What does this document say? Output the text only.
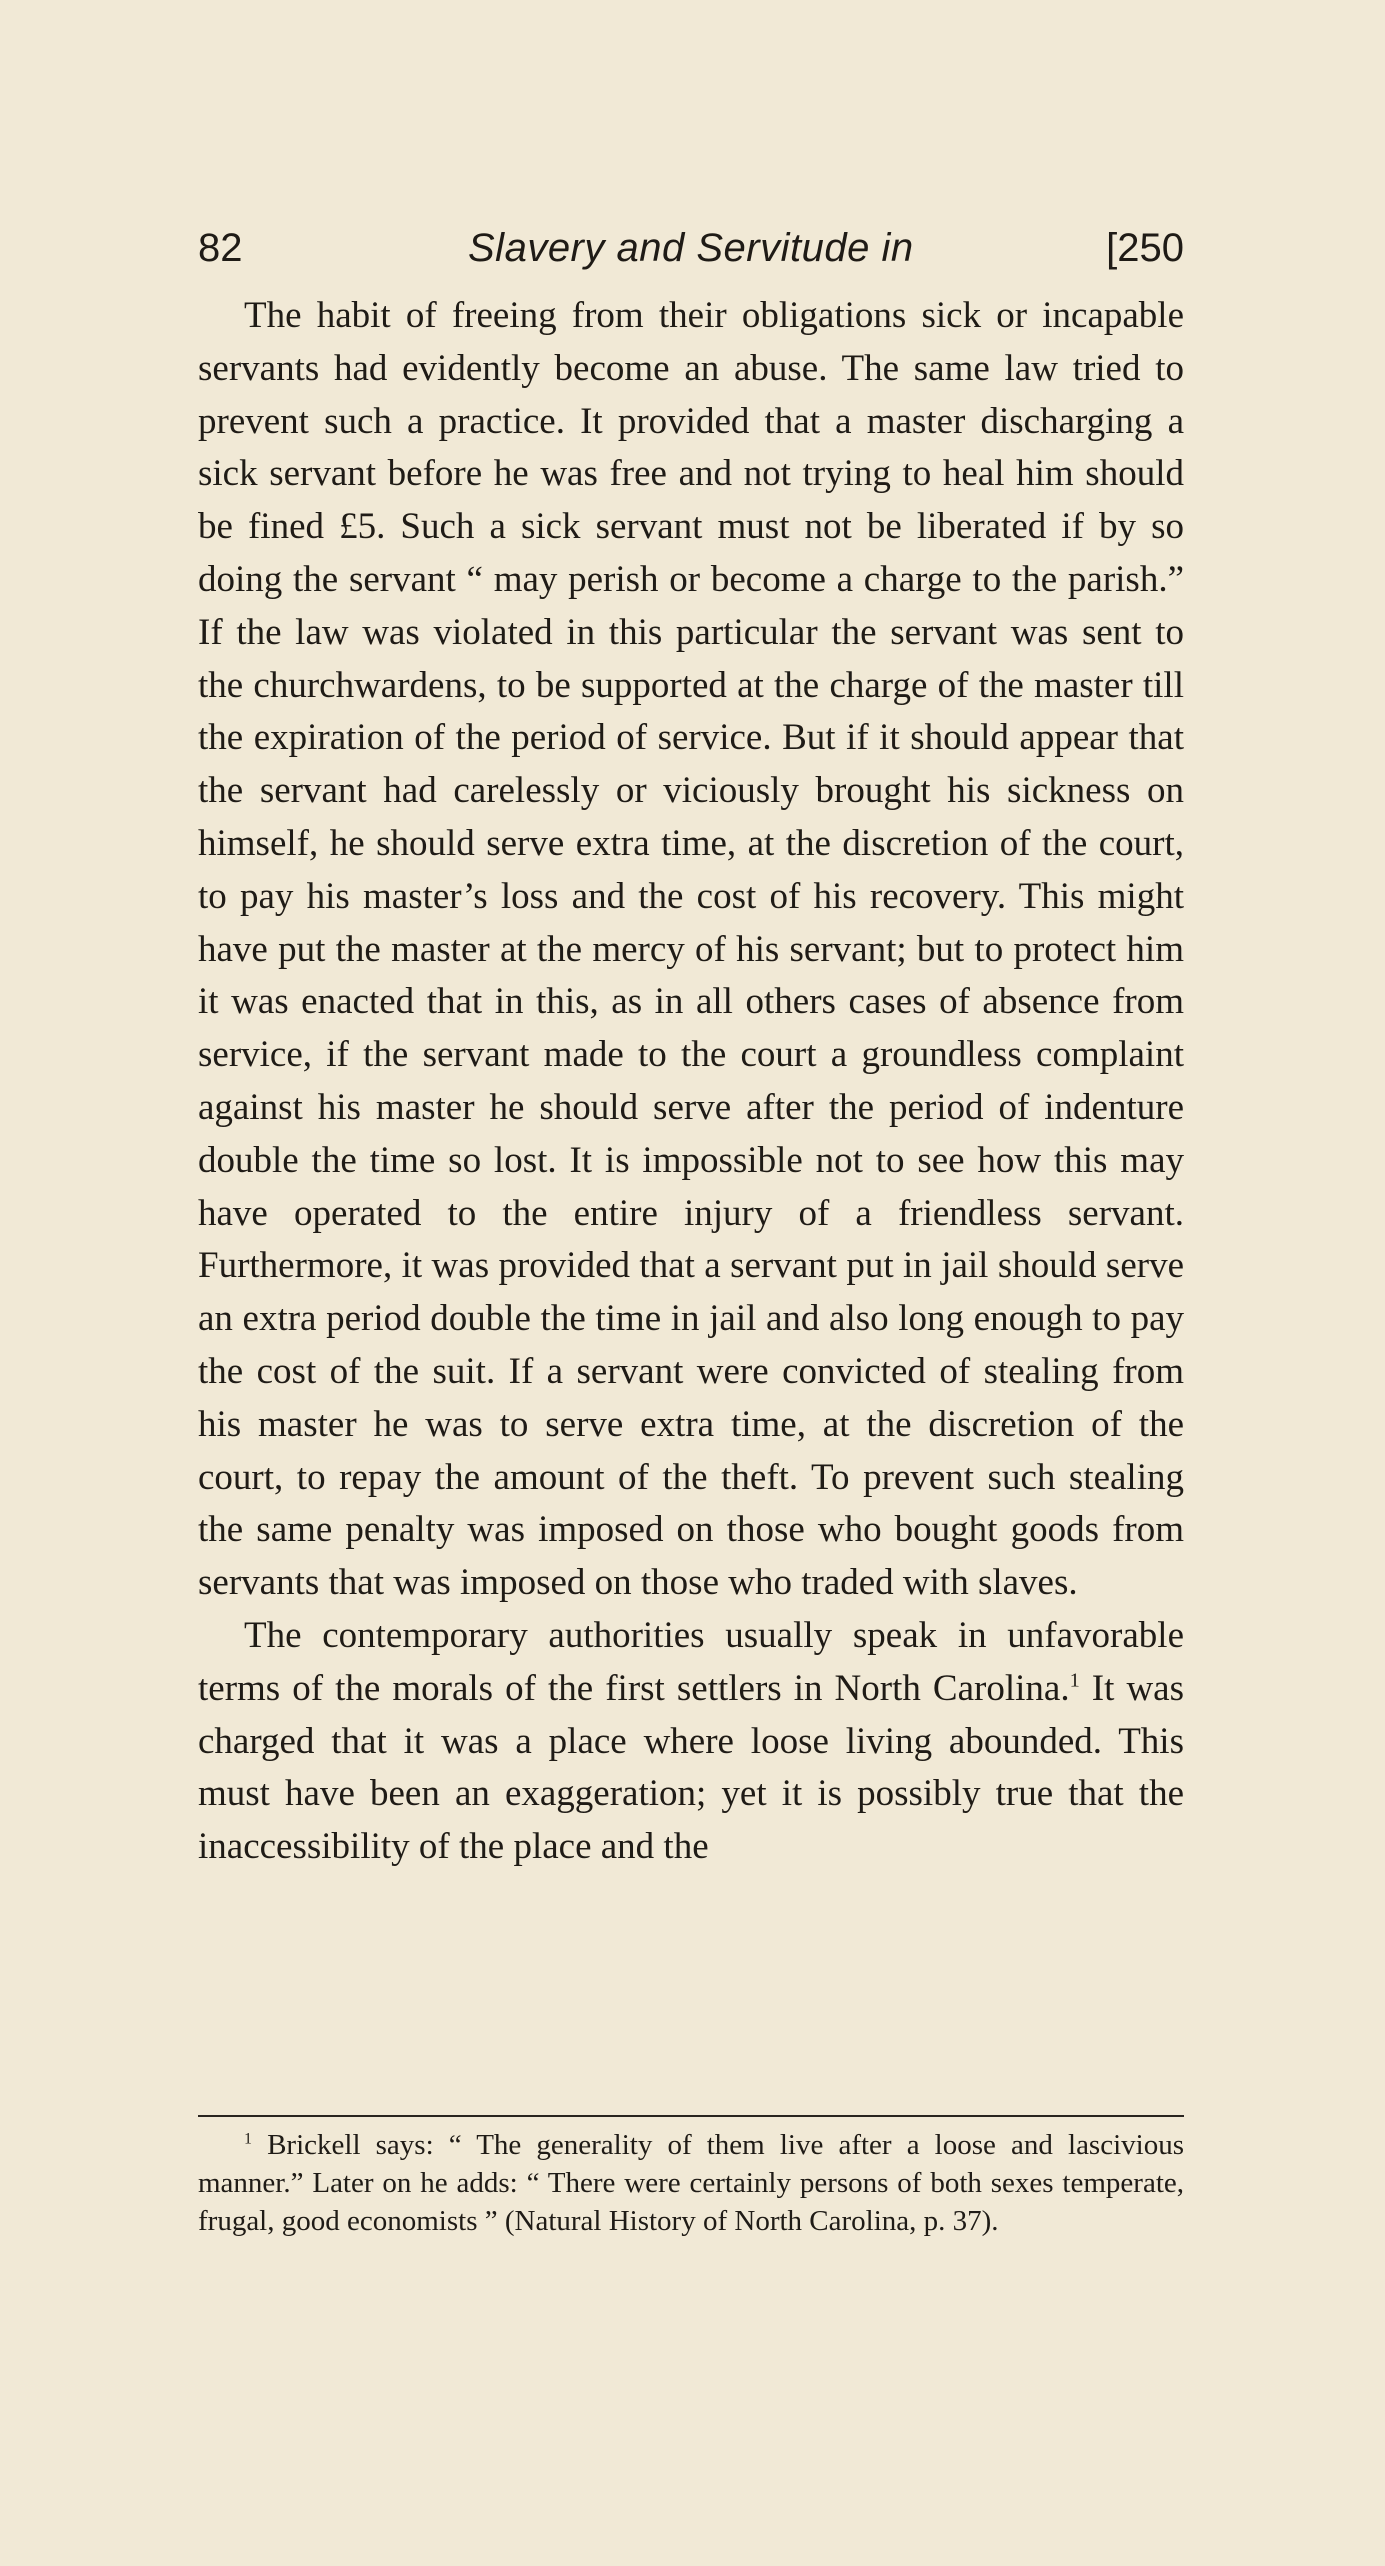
82	Slavery and Servitude in	[250

The habit of freeing from their obligations sick or incapable servants had evidently become an abuse. The same law tried to prevent such a practice. It provided that a master discharging a sick servant before he was free and not trying to heal him should be fined £5. Such a sick servant must not be liberated if by so doing the servant “ may perish or become a charge to the parish.” If the law was violated in this particular the servant was sent to the churchwardens, to be supported at the charge of the master till the expiration of the period of service. But if it should appear that the servant had carelessly or viciously brought his sickness on himself, he should serve extra time, at the discretion of the court, to pay his master’s loss and the cost of his recovery. This might have put the master at the mercy of his servant; but to protect him it was enacted that in this, as in all others cases of absence from service, if the servant made to the court a groundless complaint against his master he should serve after the period of indenture double the time so lost. It is impossible not to see how this may have operated to the entire injury of a friendless servant. Furthermore, it was provided that a servant put in jail should serve an extra period double the time in jail and also long enough to pay the cost of the suit. If a servant were convicted of stealing from his master he was to serve extra time, at the discretion of the court, to repay the amount of the theft. To prevent such stealing the same penalty was imposed on those who bought goods from servants that was imposed on those who traded with slaves.

The contemporary authorities usually speak in unfavorable terms of the morals of the first settlers in North Carolina.$^1$ It was charged that it was a place where loose living abounded. This must have been an exaggeration; yet it is possibly true that the inaccessibility of the place and the

$^1$ Brickell says: “ The generality of them live after a loose and lascivious manner.” Later on he adds: “ There were certainly persons of both sexes temperate, frugal, good economists ” (Natural History of North Carolina, p. 37).
